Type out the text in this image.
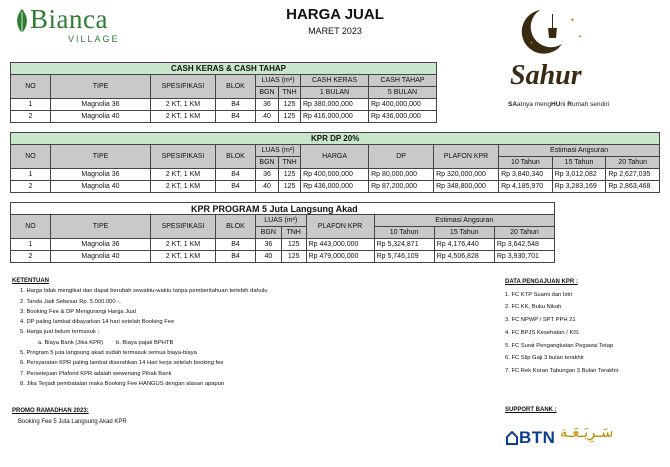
Bianca
VILLAGE
HARGA JUAL
MARET 2023
✦
✦
✦
Sahur
SAatnya mengHUni Rumah sendiri
CASH KERAS & CASH TAHAP							
NO	TIPE	SPESIFIKASI	BLOK	LUAS (m²)		CASH KERAS	CASH TAHAP
				BGN	TNH	1 BULAN	5 BULAN
1	Magnolia 36	2 KT, 1 KM	B4	36	125	Rp 380,000,000	Rp 400,000,000
2	Magnolia 40	2 KT, 1 KM	B4	40	125	Rp 416,000,000	Rp 436,000,000
KPR DP 20%											
NO	TIPE	SPESIFIKASI	BLOK	LUAS (m²)		HARGA	DP	PLAFON KPR	Estimasi Angsuran		
				BGN	TNH				10 Tahun	15 Tahun	20 Tahun
1	Magnolia 36	2 KT, 1 KM	B4	36	125	Rp 400,000,000	Rp 80,000,000	Rp 320,000,000	Rp 3,840,340	Rp 3,012,082	Rp 2,627,035
2	Magnolia 40	2 KT, 1 KM	B4	40	125	Rp 436,000,000	Rp 87,200,000	Rp 348,800,000	Rp 4,185,970	Rp 3,283,169	Rp 2,863,468
KPR PROGRAM 5 Juta Langsung Akad									
NO	TIPE	SPESIFIKASI	BLOK	LUAS (m²)		PLAFON KPR	Estimasi Angsuran		
				BGN	TNH		10 Tahun	15 Tahun	20 Tahun
1	Magnolia 36	2 KT, 1 KM	B4	36	125	Rp 443,000,000	Rp 5,324,871	Rp 4,176,440	Rp 3,642,548
2	Magnolia 40	2 KT, 1 KM	B4	40	125	Rp 479,000,000	Rp 5,746,109	Rp 4,506,828	Rp 3,930,701
KETENTUAN
1. Harga tidak mengikat dan dapat berubah sewaktu-waktu tanpa pemberitahuan terlebih dahulu
2. Tanda Jadi Sebesar Rp. 5.000.000 -,
3. Booking Fee & DP Mengurangi Harga Jual
4. DP paling lambat dibayarkan 14 hari setelah Booking Fee
5. Harga jual belum termasuk :
a. Biaya Bank (Jika KPR)        b. Biaya pajak BPHTB
5. Program 5 juta langsung akad sudah termasuk semua biaya-biaya
6. Persyaratan KPR paling lambat diserahkan 14 Hari kerja setelah booking fee
7. Persetejuan Plafond KPR adalah wewenang Pihak Bank
8. Jika Terjadi pembatalan maka Booking Fee HANGUS dengan alasan apapun
PROMO RAMADHAN 2023:
Booking Fee 5 Juta Langsung Akad KPR
DATA PENGAJUAN KPR :
1. FC KTP Suami dan Istri
2. FC KK, Buku Nikah
3. FC NPWP / SPT PPH 21
4. FC BPJS Kesehatan / KIS
5. FC Surat Pengangkatan Pegawai Tetap
6. FC Slip Gaji 3 bulan terakhir
7. FC Rek Koran Tabungan 3 Bulan Terakhir
SUPPORT BANK :
BTN سَـرِيَـعَـة
